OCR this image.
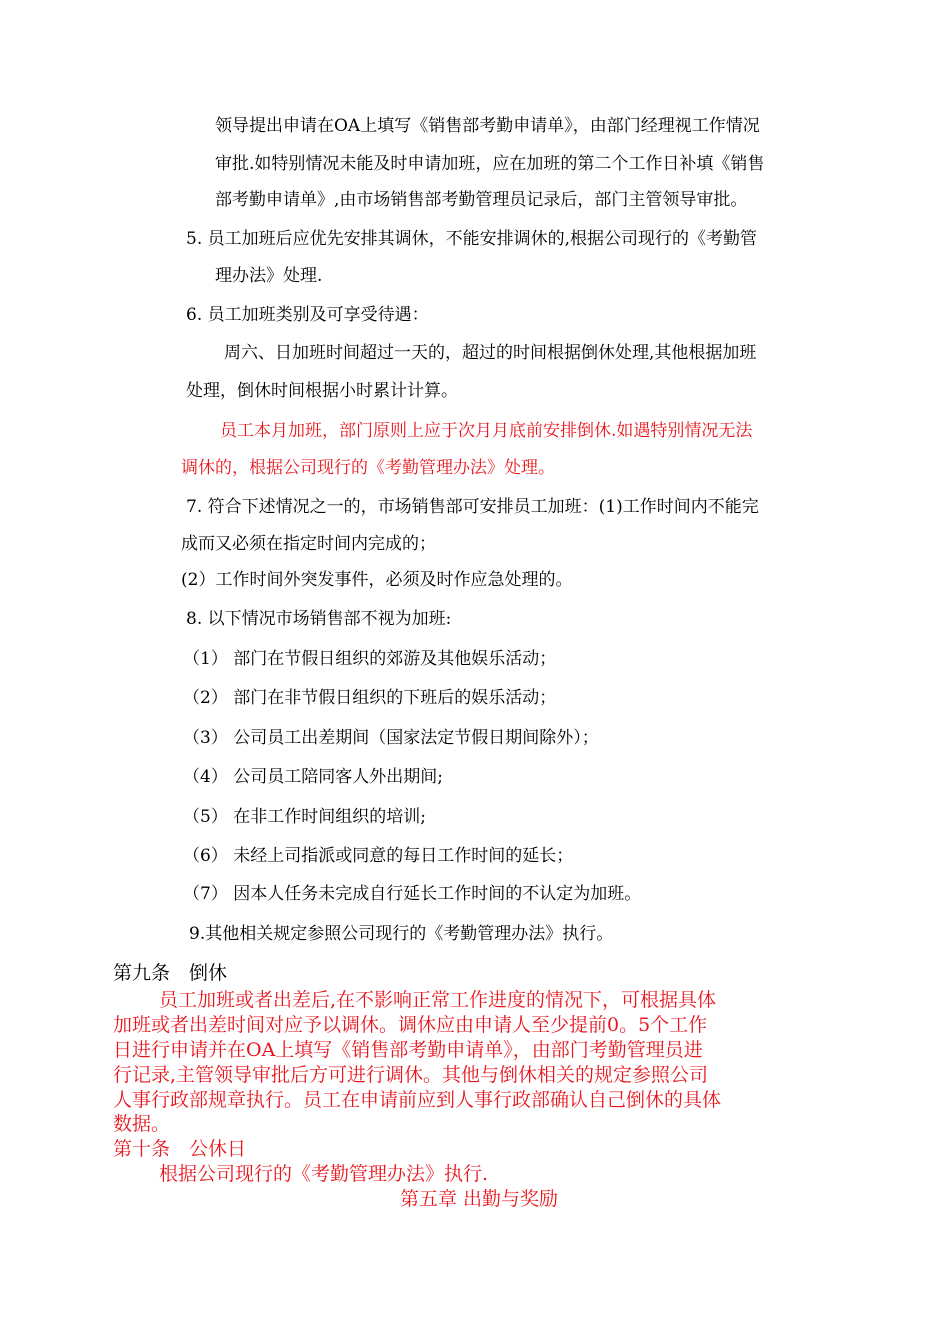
领导提出申请在OA上填写《销售部考勤申请单》，由部门经理视工作情况

审批.如特别情况未能及时申请加班，应在加班的第二个工作日补填《销售

部考勤申请单》,由市场销售部考勤管理员记录后，部门主管领导审批。

5. 员工加班后应优先安排其调休，不能安排调休的,根据公司现行的《考勤管

理办法》处理.

6. 员工加班类别及可享受待遇：

周六、日加班时间超过一天的，超过的时间根据倒休处理,其他根据加班

处理，倒休时间根据小时累计计算。

员工本月加班，部门原则上应于次月月底前安排倒休.如遇特别情况无法

调休的，根据公司现行的《考勤管理办法》处理。

7. 符合下述情况之一的，市场销售部可安排员工加班：(1)工作时间内不能完

成而又必须在指定时间内完成的；

(2）工作时间外突发事件，必须及时作应急处理的。

8. 以下情况市场销售部不视为加班:

（1） 部门在节假日组织的郊游及其他娱乐活动；

（2） 部门在非节假日组织的下班后的娱乐活动；

（3） 公司员工出差期间（国家法定节假日期间除外）；

（4） 公司员工陪同客人外出期间;

（5） 在非工作时间组织的培训;

（6） 未经上司指派或同意的每日工作时间的延长；

（7） 因本人任务未完成自行延长工作时间的不认定为加班。

9.其他相关规定参照公司现行的《考勤管理办法》执行。

第九条　倒休

员工加班或者出差后,在不影响正常工作进度的情况下，可根据具体

加班或者出差时间对应予以调休。调休应由申请人至少提前0。5个工作

日进行申请并在OA上填写《销售部考勤申请单》，由部门考勤管理员进

行记录,主管领导审批后方可进行调休。其他与倒休相关的规定参照公司

人事行政部规章执行。员工在申请前应到人事行政部确认自己倒休的具体

数据。

第十条　公休日

根据公司现行的《考勤管理办法》执行.

第五章 出勤与奖励
